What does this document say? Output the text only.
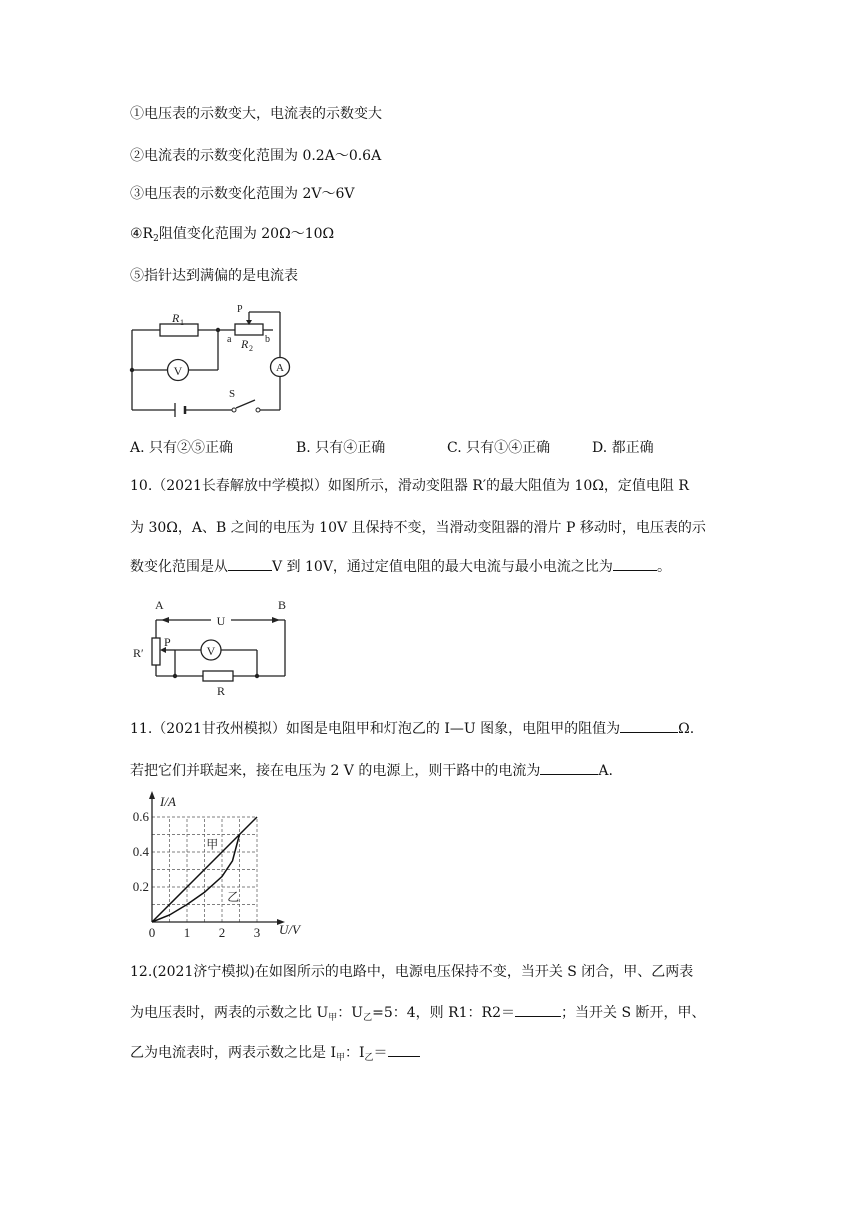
①电压表的示数变大，电流表的示数变大
②电流表的示数变化范围为 0.2A～0.6A
③电压表的示数变化范围为 2V～6V
$④R_2$阻值变化范围为 20Ω～10Ω
⑤指针达到满偏的是电流表
R 1
P
a	b
R 2
V	A
S
A. 只有②⑤正确	B. 只有④正确	C. 只有①④正确	D. 都正确
10.（2021长春解放中学模拟）如图所示，滑动变阻器 R′的最大阻值为 10Ω，定值电阻 R
为 30Ω，A、B 之间的电压为 10V 且保持不变，当滑动变阻器的滑片 P 移动时，电压表的示
数变化范围是从	V 到 10V，通过定值电阻的最大电流与最小电流之比为	。
U
A	B
R′
P
V
R
11.（2021甘孜州模拟）如图是电阻甲和灯泡乙的 I—U 图象，电阻甲的阻值为	Ω.
若把它们并联起来，接在电压为 2 V 的电源上，则干路中的电流为	A.
甲
乙
0 1 2 3
0.2
0.4
0.6
I/A
U/V
12.(2021济宁模拟)在如图所示的电路中，电源电压保持不变，当开关 S 闭合，甲、乙两表
为电压表时，两表的示数之比 $U_甲$：$U_乙=5$：4，则 R1：R2＝	；当开关 S 断开，甲、
乙为电流表时，两表示数之比是 $I_甲$：$I_乙=$
